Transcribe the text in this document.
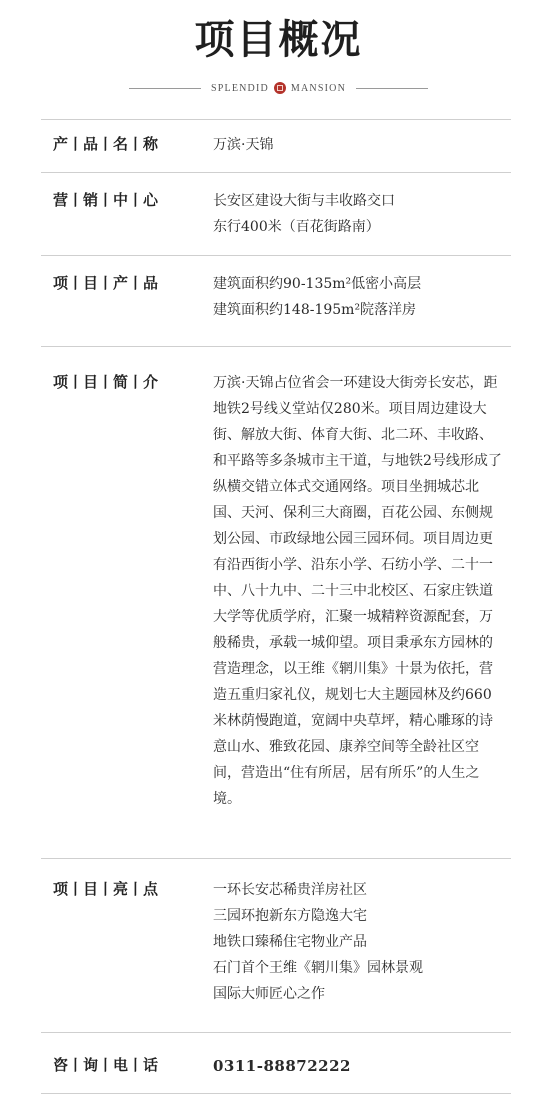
项目概况
SPLENDID MANSION
产丨品丨名丨称	万滨·天锦

营丨销丨中丨心	长安区建设大街与丰收路交口

东行400米（百花街路南）

项丨目丨产丨品	建筑面积约90-135m²低密小高层

建筑面积约148-195m²院落洋房

项丨目丨简丨介	万滨·天锦占位省会一环建设大街旁长安芯，距地铁2号线义堂站仅280米。项目周边建设大街、解放大街、体育大街、北二环、丰收路、和平路等多条城市主干道，与地铁2号线形成了纵横交错立体式交通网络。项目坐拥城芯北国、天河、保利三大商圈，百花公园、东侧规划公园、市政绿地公园三园环伺。项目周边更有沿西街小学、沿东小学、石纺小学、二十一中、八十九中、二十三中北校区、石家庄铁道大学等优质学府，汇聚一城精粹资源配套，万般稀贵，承载一城仰望。项目秉承东方园林的营造理念，以王维《辋川集》十景为依托，营造五重归家礼仪，规划七大主题园林及约660米林荫慢跑道，宽阔中央草坪，精心雕琢的诗意山水、雅致花园、康养空间等全龄社区空间，营造出“住有所居，居有所乐”的人生之境。
项丨目丨亮丨点	一环长安芯稀贵洋房社区

三园环抱新东方隐逸大宅

地铁口臻稀住宅物业产品

石门首个王维《辋川集》园林景观

国际大师匠心之作

咨丨询丨电丨话	0311-88872222
